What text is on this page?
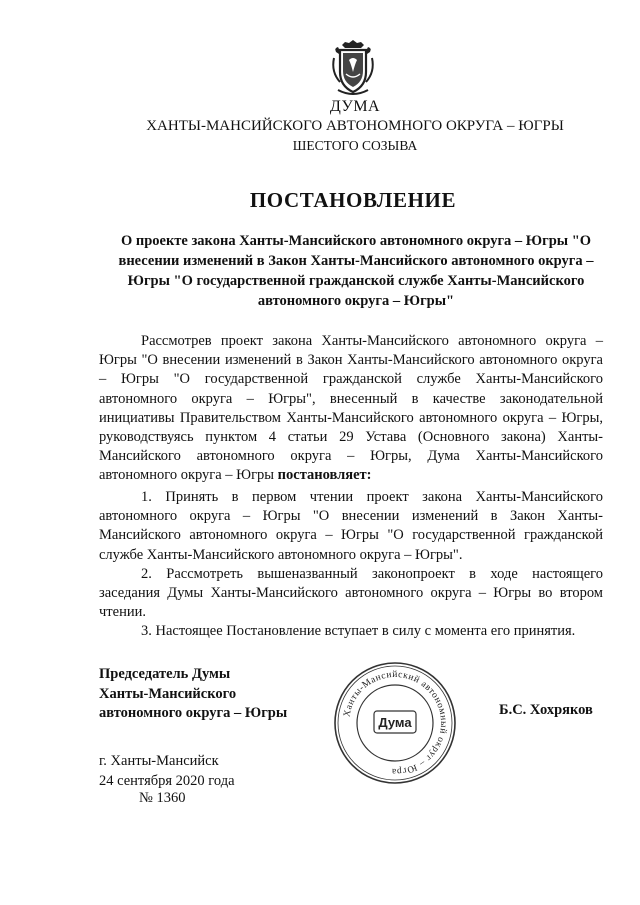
ДУМА
ХАНТЫ-МАНСИЙСКОГО АВТОНОМНОГО ОКРУГА – ЮГРЫ
ШЕСТОГО СОЗЫВА
ПОСТАНОВЛЕНИЕ
О проекте закона Ханты-Мансийского автономного округа – Югры "О внесении изменений в Закон Ханты-Мансийского автономного округа – Югры "О государственной гражданской службе Ханты-Мансийского автономного округа – Югры"

Рассмотрев проект закона Ханты-Мансийского автономного округа – Югры "О внесении изменений в Закон Ханты-Мансийского автономного округа – Югры "О государственной гражданской службе Ханты-Мансийского автономного округа – Югры", внесенный в качестве законодательной инициативы Правительством Ханты-Мансийского автономного округа – Югры, руководствуясь пунктом 4 статьи 29 Устава (Основного закона) Ханты-Мансийского автономного округа – Югры, Дума Ханты-Мансийского автономного округа – Югры постановляет:

1. Принять в первом чтении проект закона Ханты-Мансийского автономного округа – Югры "О внесении изменений в Закон Ханты-Мансийского автономного округа – Югры "О государственной гражданской службе Ханты-Мансийского автономного округа – Югры".

2. Рассмотреть вышеназванный законопроект в ходе настоящего заседания Думы Ханты-Мансийского автономного округа – Югры во втором чтении.

3. Настоящее Постановление вступает в силу с момента его принятия.

Председатель Думы
Ханты-Мансийского
автономного округа – Югры	Ханты-Мансийский автономный округ – Югра
Дума
Б.С. Хохряков
г. Ханты-Мансийск
24 сентября 2020 года
№ 1360
